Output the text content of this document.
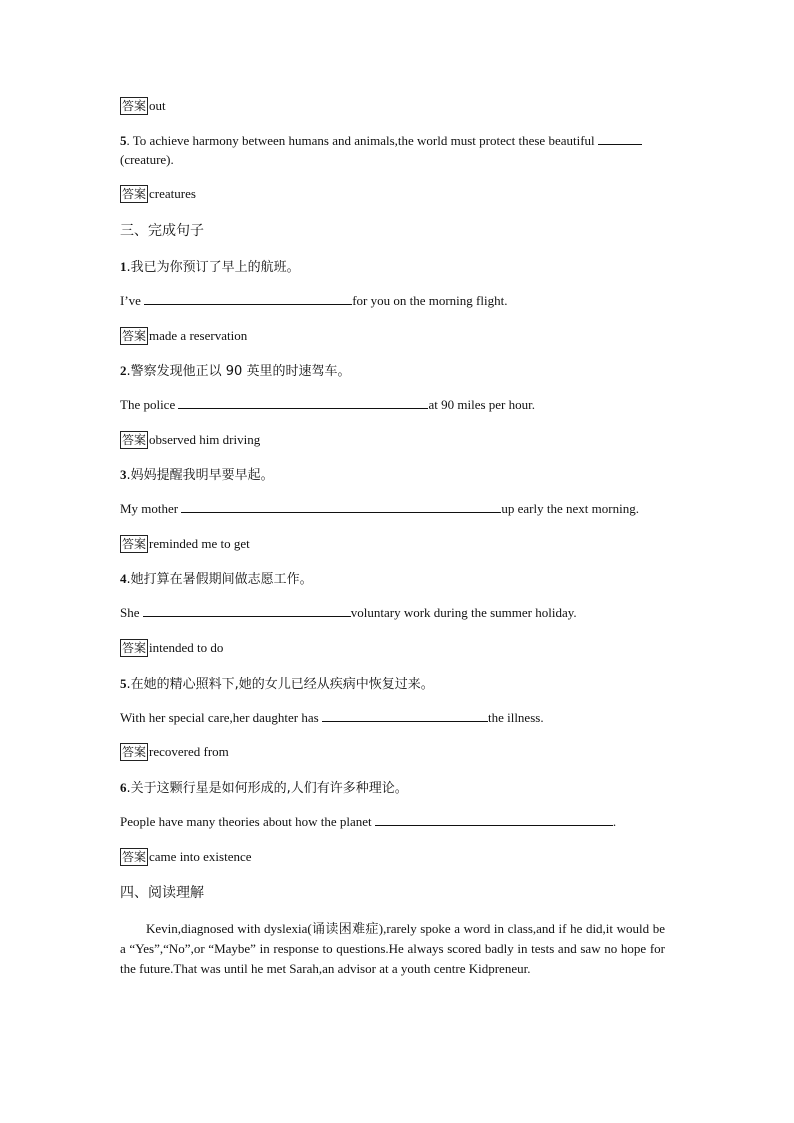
答案 out
5. To achieve harmony between humans and animals,the world must protect these beautiful
(creature).
答案 creatures
三、完成句子
1.我已为你预订了早上的航班。
I’ve	for you on the morning flight.
答案 made a reservation
2.警察发现他正以 90 英里的时速驾车。
The police	at 90 miles per hour.
答案 observed him driving
3.妈妈提醒我明早要早起。
My mother	up early the next morning.
答案 reminded me to get
4.她打算在暑假期间做志愿工作。
She	voluntary work during the summer holiday.
答案 intended to do
5.在她的精心照料下,她的女儿已经从疾病中恢复过来。
With her special care,her daughter has	the illness.
答案 recovered from
6.关于这颗行星是如何形成的,人们有许多种理论。
People have many theories about how the planet	.
答案 came into existence
四、阅读理解
Kevin,diagnosed with dyslexia(诵读困难症),rarely spoke a word in class,and if he did,it would be a “Yes”,“No”,or “Maybe” in response to questions.He always scored badly in tests and saw no hope for the future.That was until he met Sarah,an advisor at a youth centre Kidpreneur.
